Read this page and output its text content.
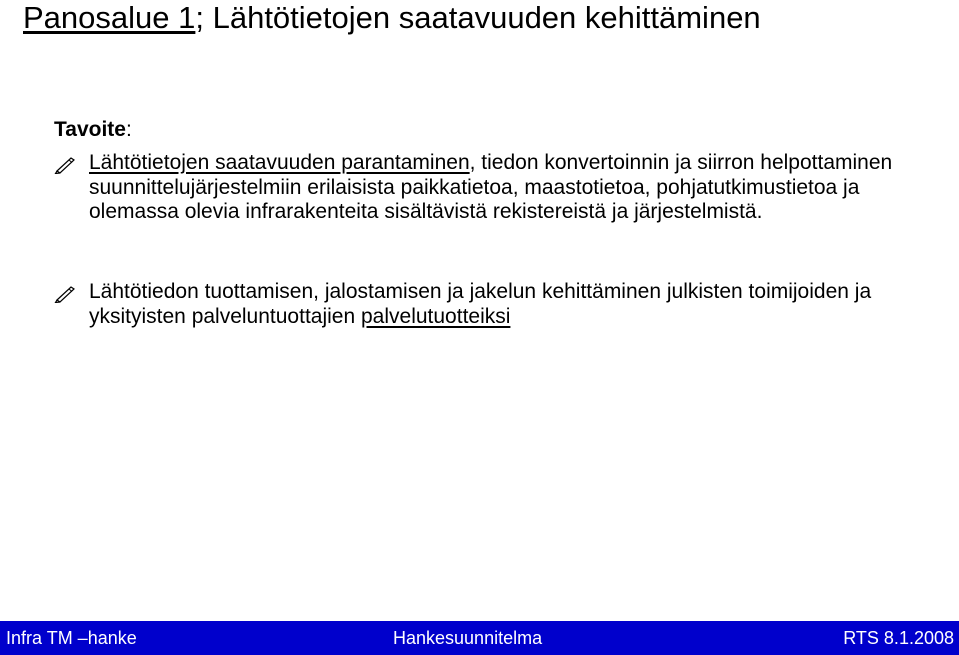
Panosalue 1; Lähtötietojen saatavuuden kehittäminen
Tavoite:
Lähtötietojen saatavuuden parantaminen, tiedon konvertoinnin ja siirron helpottaminen suunnittelujärjestelmiin erilaisista paikkatietoa, maastotietoa, pohjatutkimustietoa ja olemassa olevia infrarakenteita sisältävistä rekistereistä ja järjestelmistä.
Lähtötiedon tuottamisen, jalostamisen ja jakelun kehittäminen julkisten toimijoiden ja yksityisten palveluntuottajien palvelutuotteiksi
Infra TM –hanke	Hankesuunnitelma	RTS 8.1.2008
